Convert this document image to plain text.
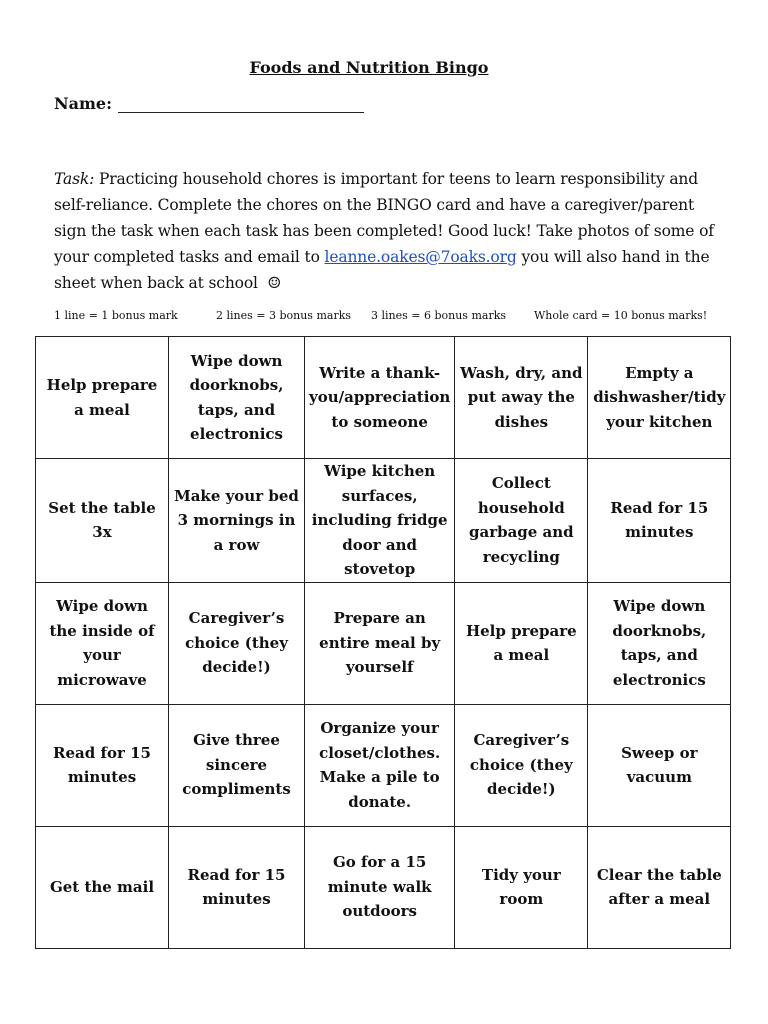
Foods and Nutrition Bingo
Name:
Task: Practicing household chores is important for teens to learn responsibility and self-reliance. Complete the chores on the BINGO card and have a caregiver/parent sign the task when each task has been completed! Good luck! Take photos of some of your completed tasks and email to leanne.oakes@7oaks.org you will also hand in the sheet when back at school ☺
1 line = 1 bonus mark	2 lines = 3 bonus marks 3 lines = 6 bonus marks	Whole card = 10 bonus marks!
Help prepare a meal	Wipe down doorknobs, taps, and electronics	Write a thank-you/appreciation to someone	Wash, dry, and put away the dishes	Empty a dishwasher/tidy your kitchen
Set the table 3x	Make your bed 3 mornings in a row	Wipe kitchen surfaces, including fridge door and stovetop	Collect household garbage and recycling	Read for 15 minutes
Wipe down the inside of your microwave	Caregiver’s choice (they decide!)	Prepare an entire meal by yourself	Help prepare a meal	Wipe down doorknobs, taps, and electronics
Read for 15 minutes	Give three sincere compliments	Organize your closet/clothes. Make a pile to donate.	Caregiver’s choice (they decide!)	Sweep or vacuum
Get the mail	Read for 15 minutes	Go for a 15 minute walk outdoors	Tidy your room	Clear the table after a meal
